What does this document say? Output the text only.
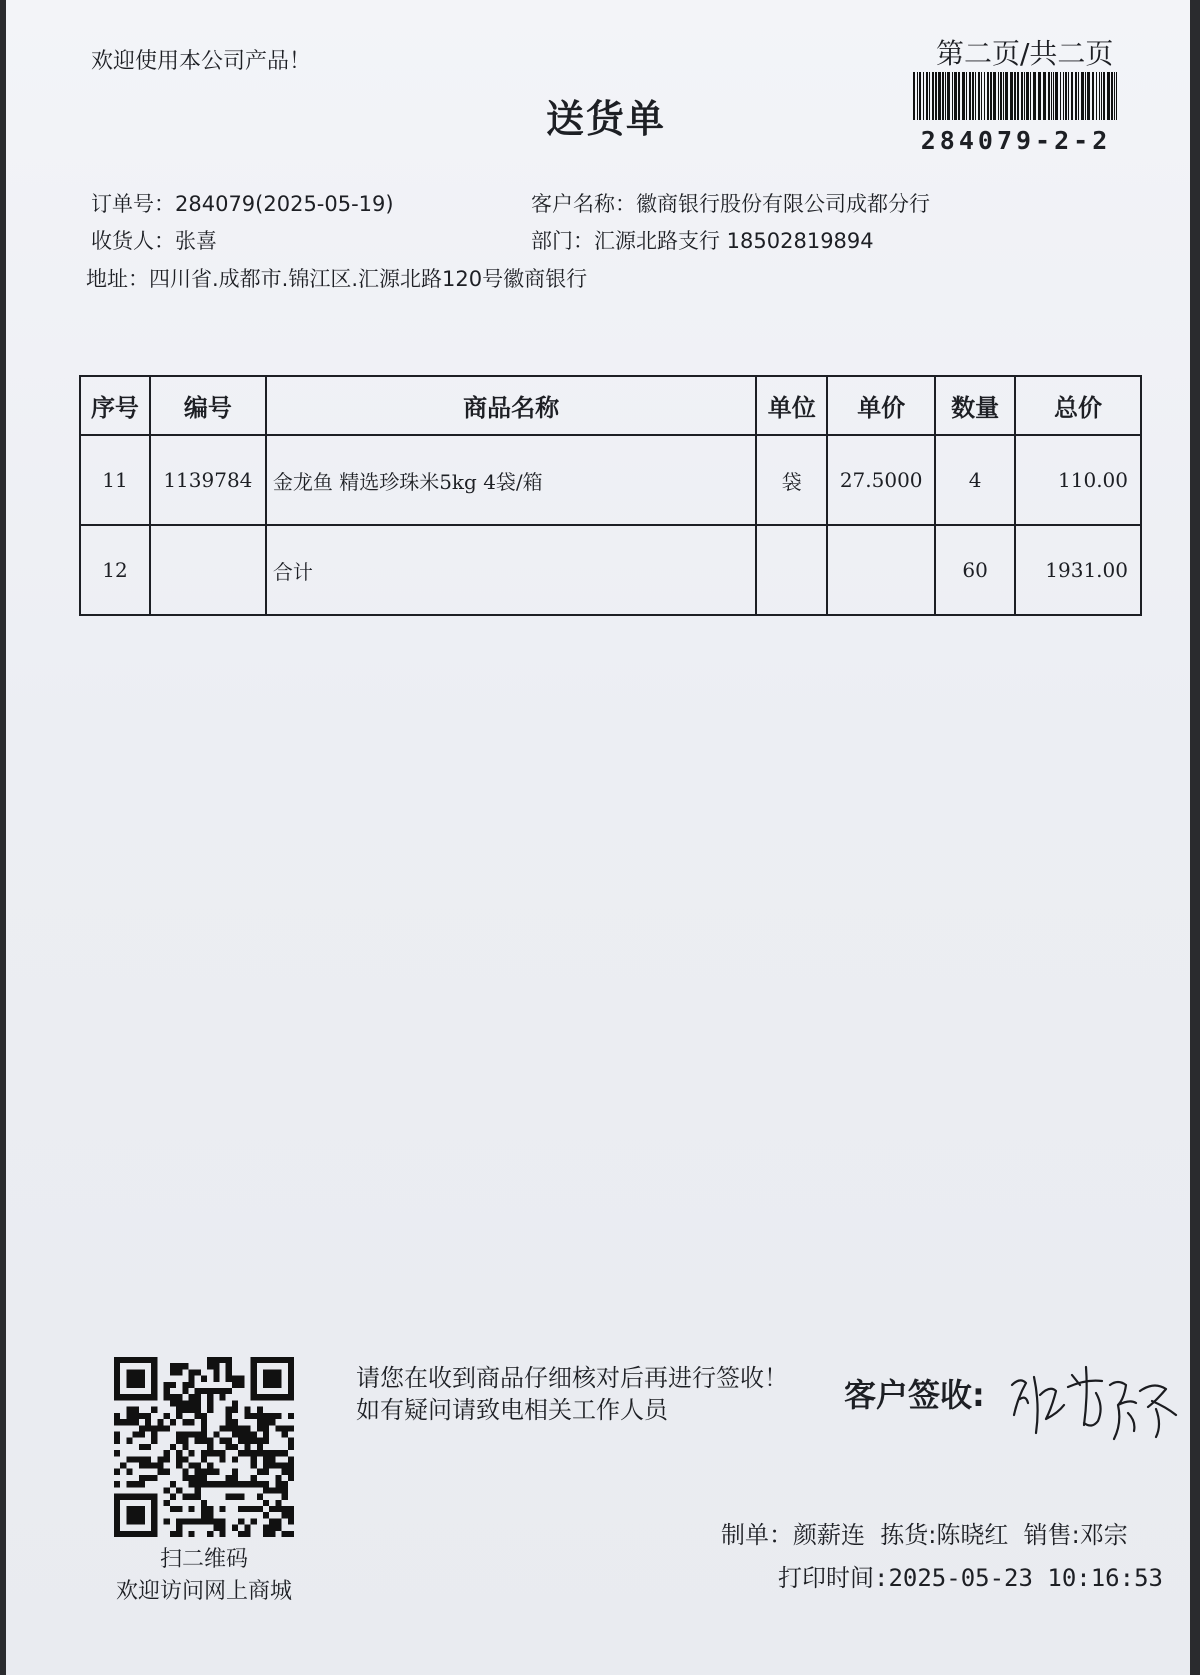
欢迎使用本公司产品！	第二页/共二页
送货单	284079-2-2
订单号：284079(2025-05-19)	客户名称：徽商银行股份有限公司成都分行
收货人：张喜	部门：汇源北路支行 18502819894
地址：四川省.成都市.锦江区.汇源北路120号徽商银行
序号	编号	商品名称	单位	单价	数量	总价
11	1139784	金龙鱼 精选珍珠米5kg 4袋/箱	袋	27.5000	4	110.00
12		合计			60	1931.00
扫二维码
欢迎访问网上商城
请您在收到商品仔细核对后再进行签收！如有疑问请致电相关工作人员	客户签收:
制单：颜薪连 拣货:陈晓红 销售:邓宗
打印时间:2025-05-23 10:16:53
